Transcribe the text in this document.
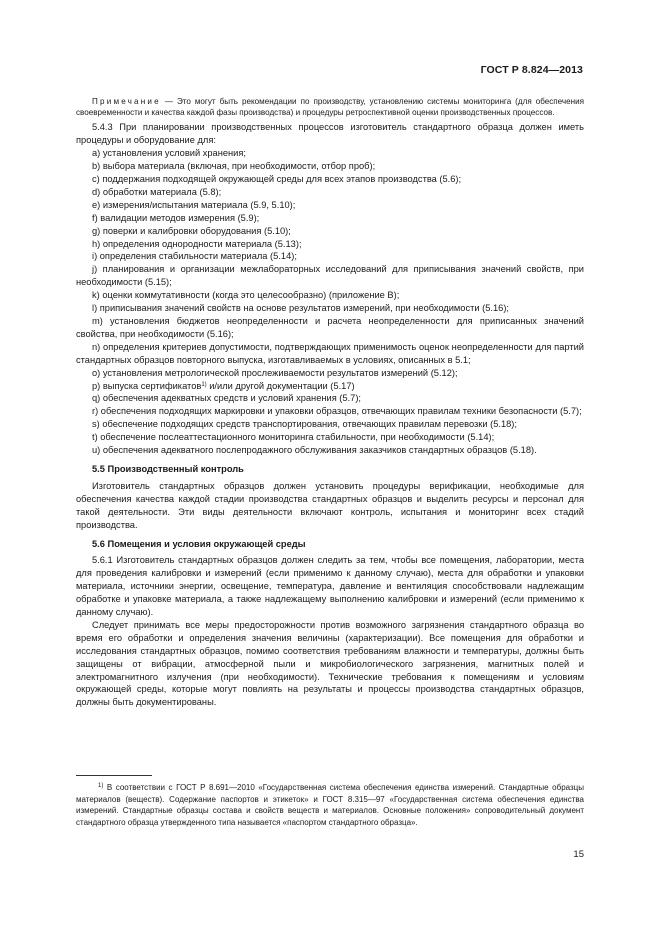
ГОСТ Р 8.824—2013

Примечание — Это могут быть рекомендации по производству, установлению системы мониторинга (для обеспечения своевременности и качества каждой фазы производства) и процедуры ретроспективной оценки производственных процессов.

5.4.3 При планировании производственных процессов изготовитель стандартного образца должен иметь процедуры и оборудование для:

a) установления условий хранения;

b) выбора материала (включая, при необходимости, отбор проб);

c) поддержания подходящей окружающей среды для всех этапов производства (5.6);

d) обработки материала (5.8);

e) измерения/испытания материала (5.9, 5.10);

f) валидации методов измерения (5.9);

g) поверки и калибровки оборудования (5.10);

h) определения однородности материала (5.13);

i) определения стабильности материала (5.14);

j) планирования и организации межлабораторных исследований для приписывания значений свойств, при необходимости (5.15);

k) оценки коммутативности (когда это целесообразно) (приложение В);

l) приписывания значений свойств на основе результатов измерений, при необходимости (5.16);

m) установления бюджетов неопределенности и расчета неопределенности для приписанных значений свойства, при необходимости (5.16);

n) определения критериев допустимости, подтверждающих применимость оценок неопределенности для партий стандартных образцов повторного выпуска, изготавливаемых в условиях, описанных в 5.1;

o) установления метрологической прослеживаемости результатов измерений (5.12);

p) выпуска сертификатов$^{1)}$ и/или другой документации (5.17)

q) обеспечения адекватных средств и условий хранения (5.7);

r) обеспечения подходящих маркировки и упаковки образцов, отвечающих правилам техники безопасности (5.7);

s) обеспечение подходящих средств транспортирования, отвечающих правилам перевозки (5.18);

t) обеспечение послеаттестационного мониторинга стабильности, при необходимости (5.14);

u) обеспечения адекватного послепродажного обслуживания заказчиков стандартных образцов (5.18).

5.5 Производственный контроль

Изготовитель стандартных образцов должен установить процедуры верификации, необходимые для обеспечения качества каждой стадии производства стандартных образцов и выделить ресурсы и персонал для такой деятельности. Эти виды деятельности включают контроль, испытания и мониторинг всех стадий производства.

5.6 Помещения и условия окружающей среды

5.6.1 Изготовитель стандартных образцов должен следить за тем, чтобы все помещения, лаборатории, места для проведения калибровки и измерений (если применимо к данному случаю), места для обработки и упаковки материала, источники энергии, освещение, температура, давление и вентиляция способствовали надлежащим обработке и упаковке материала, а также надлежащему выполнению калибровки и измерений (если применимо к данному случаю).

Следует принимать все меры предосторожности против возможного загрязнения стандартного образца во время его обработки и определения значения величины (характеризации). Все помещения для обработки и исследования стандартных образцов, помимо соответствия требованиям влажности и температуры, должны быть защищены от вибрации, атмосферной пыли и микробиологического загрязнения, магнитных полей и электромагнитного излучения (при необходимости). Технические требования к помещениям и условиям окружающей среды, которые могут повлиять на результаты и процессы производства стандартных образцов, должны быть документированы.

$^{1)}$ В соответствии с ГОСТ Р 8.691—2010 «Государственная система обеспечения единства измерений. Стандартные образцы материалов (веществ). Содержание паспортов и этикеток» и ГОСТ 8.315—97 «Государственная система обеспечения единства измерений. Стандартные образцы состава и свойств веществ и материалов. Основные положения» сопроводительный документ стандартного образца утвержденного типа называется «паспортом стандартного образца».
15
